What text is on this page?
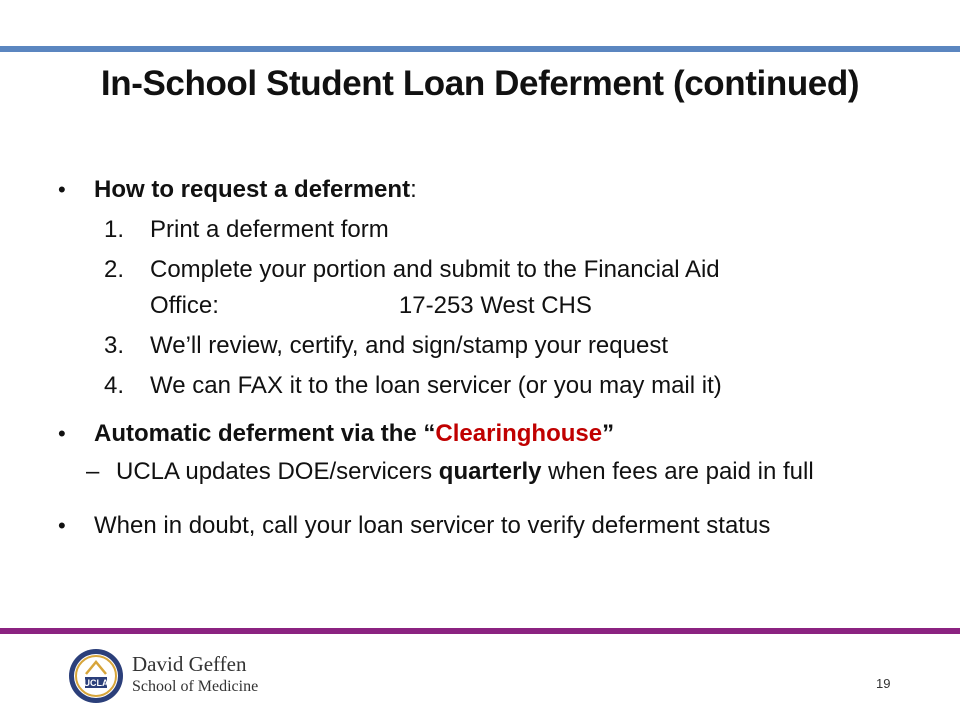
In-School Student Loan Deferment (continued)
•	How to request a deferment:
1. Print a deferment form
2. Complete your portion and submit to the Financial Aid
Office:	17-253 West CHS
3. We’ll review, certify, and sign/stamp your request
4. We can FAX it to the loan servicer (or you may mail it)
•	Automatic deferment via the “Clearinghouse”
– UCLA updates DOE/servicers quarterly when fees are paid in full
•	When in doubt, call your loan servicer to verify deferment status
UCLA
David Geffen
School of Medicine	19
